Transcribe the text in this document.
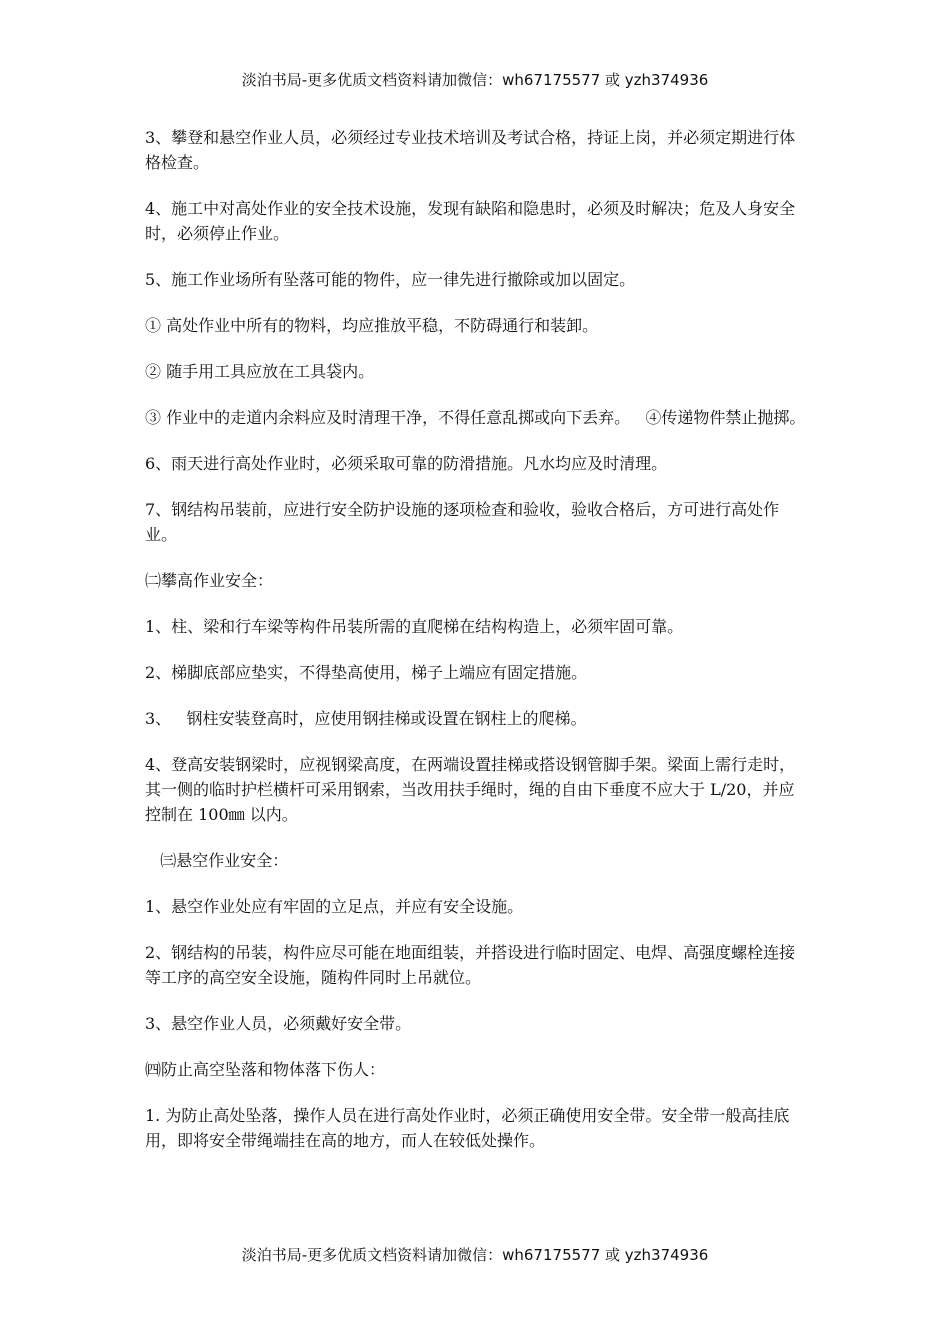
淡泊书局-更多优质文档资料请加微信：wh67175577 或 yzh374936

3、攀登和悬空作业人员，必须经过专业技术培训及考试合格，持证上岗，并必须定期进行体格检查。

4、施工中对高处作业的安全技术设施，发现有缺陷和隐患时，必须及时解决；危及人身安全时，必须停止作业。

5、施工作业场所有坠落可能的物件，应一律先进行撤除或加以固定。

① 高处作业中所有的物料，均应推放平稳，不防碍通行和装卸。

② 随手用工具应放在工具袋内。

③ 作业中的走道内余料应及时清理干净，不得任意乱掷或向下丢弃。   ④传递物件禁止抛掷。

6、雨天进行高处作业时，必须采取可靠的防滑措施。凡水均应及时清理。

7、钢结构吊装前，应进行安全防护设施的逐项检查和验收，验收合格后，方可进行高处作业。

㈡攀高作业安全：

1、柱、梁和行车梁等构件吊装所需的直爬梯在结构构造上，必须牢固可靠。

2、梯脚底部应垫实，不得垫高使用，梯子上端应有固定措施。

3、   钢柱安装登高时，应使用钢挂梯或设置在钢柱上的爬梯。

4、登高安装钢梁时，应视钢梁高度，在两端设置挂梯或搭设钢管脚手架。梁面上需行走时，其一侧的临时护栏横杆可采用钢索，当改用扶手绳时，绳的自由下垂度不应大于 L/20，并应控制在 100㎜ 以内。

㈢悬空作业安全：

1、悬空作业处应有牢固的立足点，并应有安全设施。

2、钢结构的吊装，构件应尽可能在地面组装，并搭设进行临时固定、电焊、高强度螺栓连接等工序的高空安全设施，随构件同时上吊就位。

3、悬空作业人员，必须戴好安全带。

㈣防止高空坠落和物体落下伤人：

1. 为防止高处坠落，操作人员在进行高处作业时，必须正确使用安全带。安全带一般高挂底用，即将安全带绳端挂在高的地方，而人在较低处操作。

淡泊书局-更多优质文档资料请加微信：wh67175577 或 yzh374936
